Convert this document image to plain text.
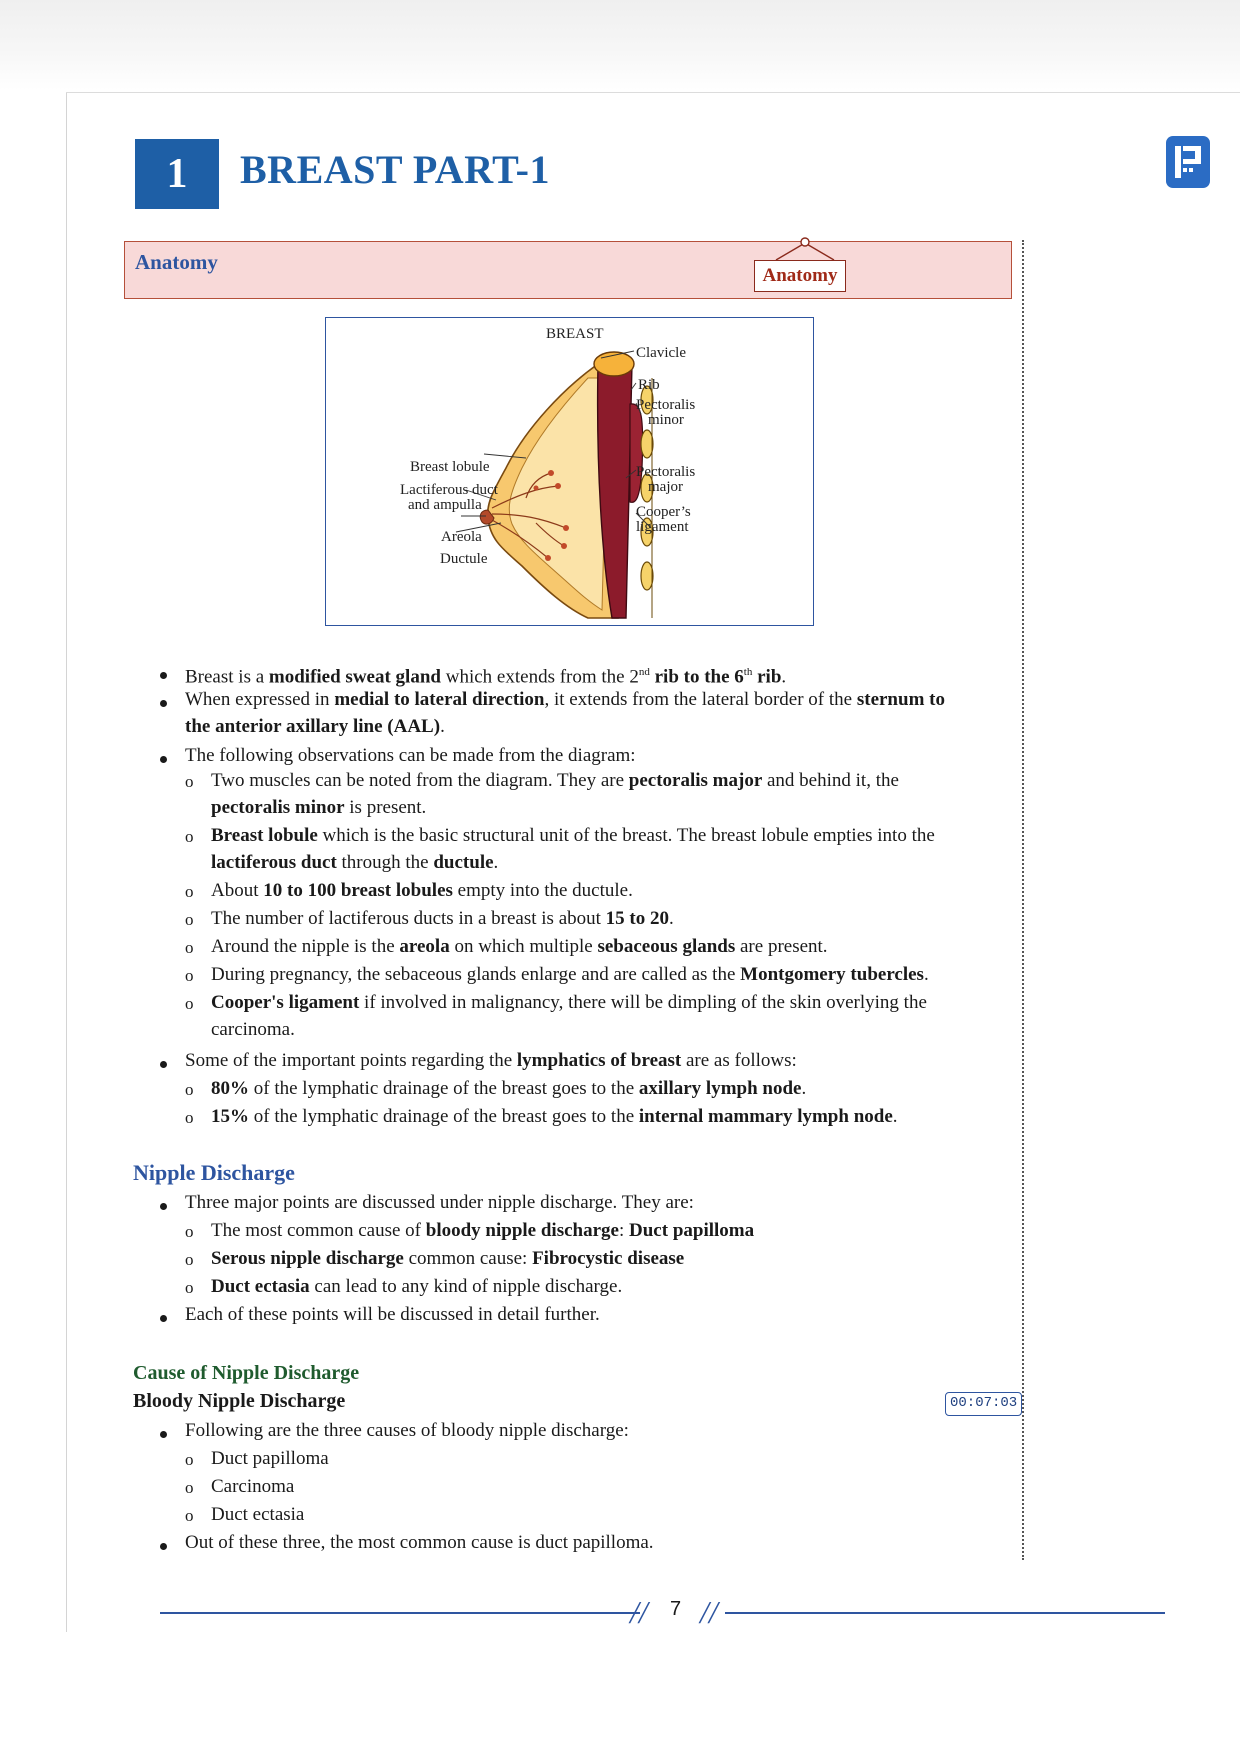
1 BREAST PART-1
Anatomy
Anatomy
BREAST
Clavicle
Rib
Pectoralis
minor
Pectoralis
major
Cooper’s
ligament
Breast lobule
Lactiferous duct
and ampulla
Areola
Ductule
Breast is a modified sweat gland which extends from the 2nd rib to the 6th rib.
When expressed in medial to lateral direction, it extends from the lateral border of the sternum to
the anterior axillary line (AAL).
The following observations can be made from the diagram:
o Two muscles can be noted from the diagram. They are pectoralis major and behind it, the
pectoralis minor is present.
o Breast lobule which is the basic structural unit of the breast. The breast lobule empties into the
lactiferous duct through the ductule.
o About 10 to 100 breast lobules empty into the ductule.
o The number of lactiferous ducts in a breast is about 15 to 20.
o Around the nipple is the areola on which multiple sebaceous glands are present.
o During pregnancy, the sebaceous glands enlarge and are called as the Montgomery tubercles.
o Cooper's ligament if involved in malignancy, there will be dimpling of the skin overlying the
carcinoma.
Some of the important points regarding the lymphatics of breast are as follows:
o 80% of the lymphatic drainage of the breast goes to the axillary lymph node.
o 15% of the lymphatic drainage of the breast goes to the internal mammary lymph node.
Nipple Discharge
Three major points are discussed under nipple discharge. They are:
o The most common cause of bloody nipple discharge: Duct papilloma
o Serous nipple discharge common cause: Fibrocystic disease
o Duct ectasia can lead to any kind of nipple discharge.
Each of these points will be discussed in detail further.
Cause of Nipple Discharge
Bloody Nipple Discharge	00:07:03
Following are the three causes of bloody nipple discharge:
o Duct papilloma
o Carcinoma
o Duct ectasia
Out of these three, the most common cause is duct papilloma.
// 7 //
